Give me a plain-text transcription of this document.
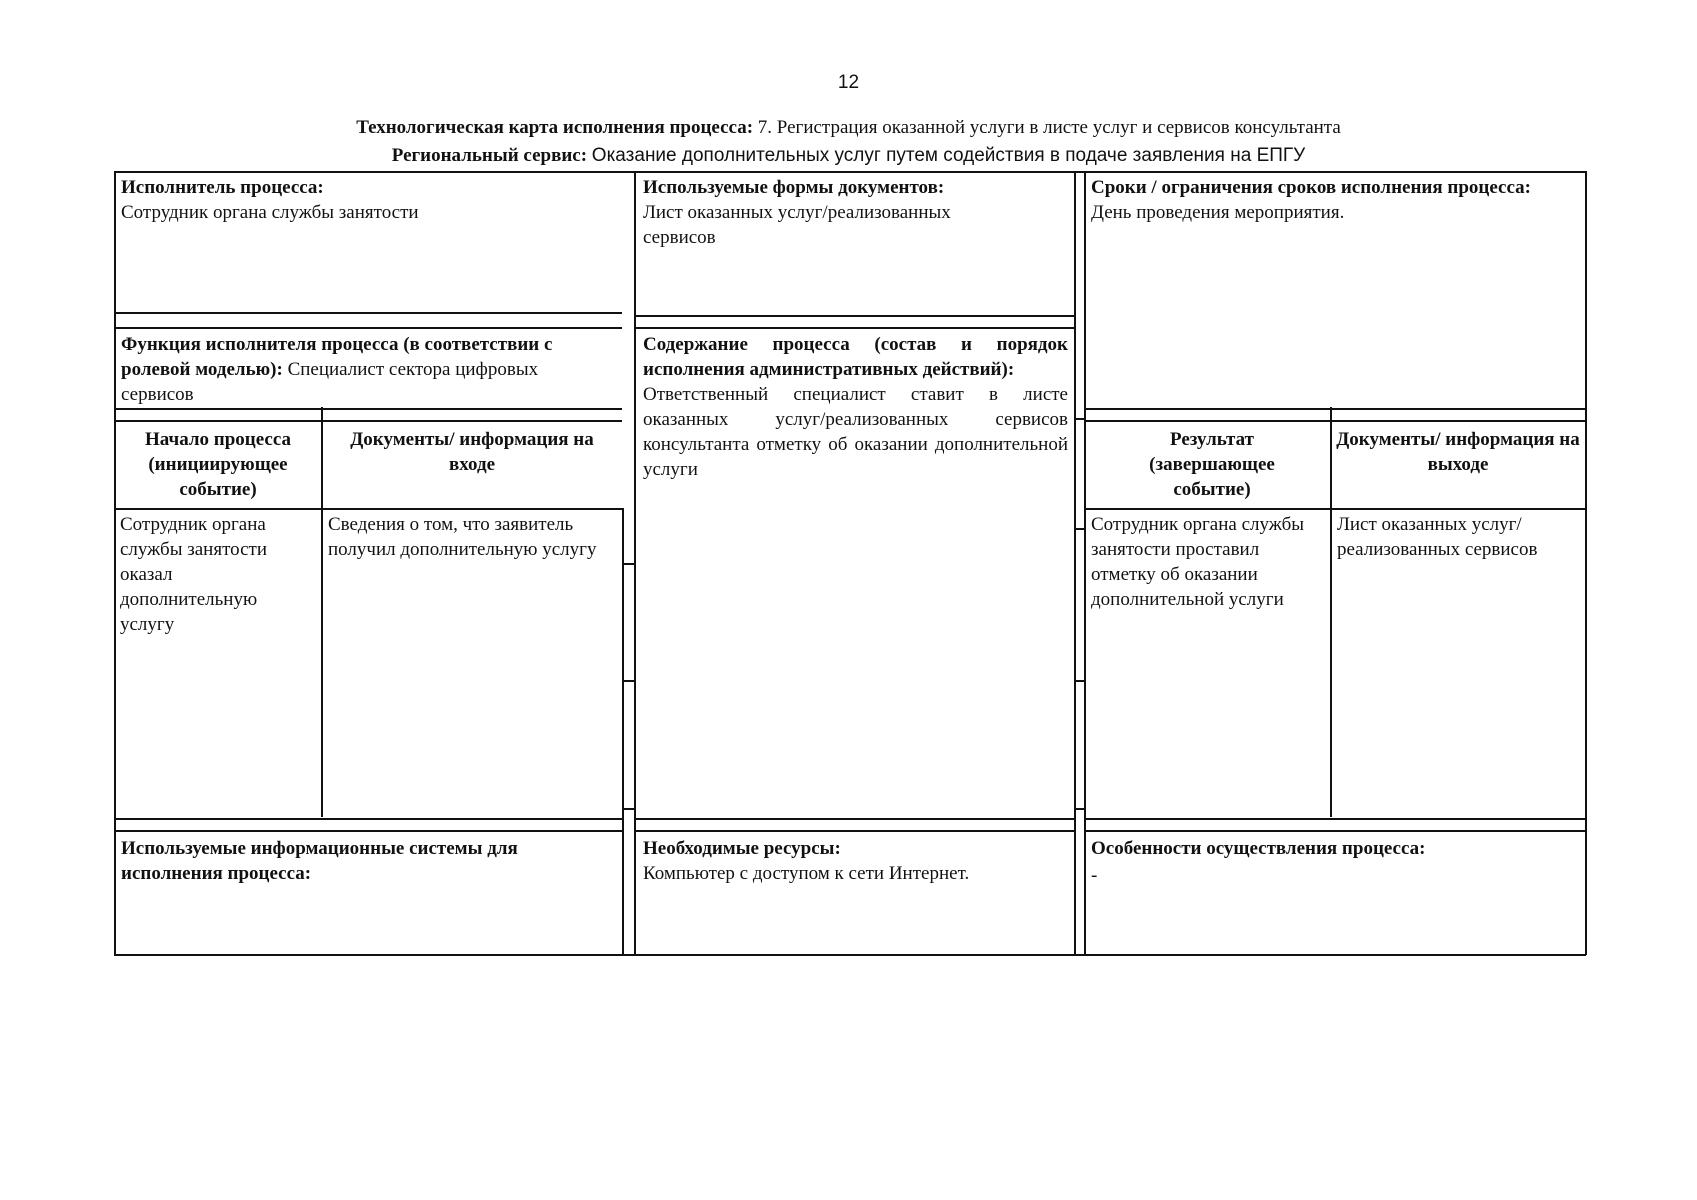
12
Технологическая карта исполнения процесса: 7. Регистрация оказанной услуги в листе услуг и сервисов консультанта
Региональный сервис: Оказание дополнительных услуг путем содействия в подаче заявления на ЕПГУ
Исполнитель процесса:
Сотрудник органа службы занятости
Используемые формы документов:
Лист оказанных услуг/реализованных сервисов
Сроки / ограничения сроков исполнения процесса:
День проведения мероприятия.
Функция исполнителя процесса (в соответствии с ролевой моделью): Специалист сектора цифровых сервисов
Содержание процесса (состав и порядок исполнения административных действий):
Ответственный специалист ставит в листе оказанных услуг/реализованных сервисов консультанта отметку об оказании дополнительной услуги
Начало процесса (инициирующее событие)
Документы/ информация на входе
Результат (завершающее событие)
Документы/ информация на выходе
Сотрудник органа службы занятости оказал дополнительную услугу
Сведения о том, что заявитель получил дополнительную услугу
Сотрудник органа службы занятости проставил отметку об оказании дополнительной услуги
Лист оказанных услуг/реализованных сервисов
Используемые информационные системы для исполнения процесса:
Необходимые ресурсы:
Компьютер с доступом к сети Интернет.
Особенности осуществления процесса:
-
